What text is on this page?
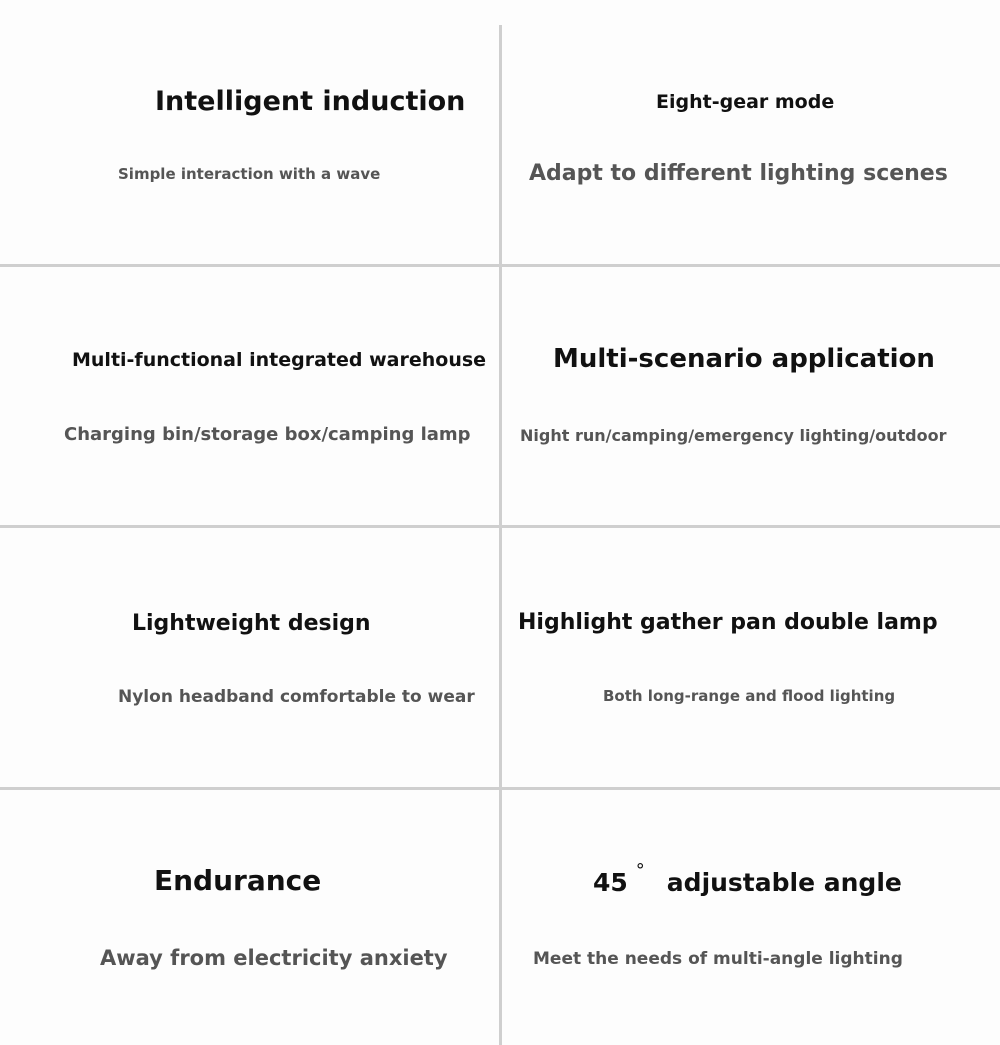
Intelligent induction
Simple interaction with a wave
Eight-gear mode
Adapt to different lighting scenes
Multi-functional integrated warehouse
Charging bin/storage box/camping lamp
Multi-scenario application
Night run/camping/emergency lighting/outdoor
Lightweight design
Nylon headband comfortable to wear
Highlight gather pan double lamp
Both long-range and flood lighting
Endurance
Away from electricity anxiety
45 ° adjustable angle
Meet the needs of multi-angle lighting
